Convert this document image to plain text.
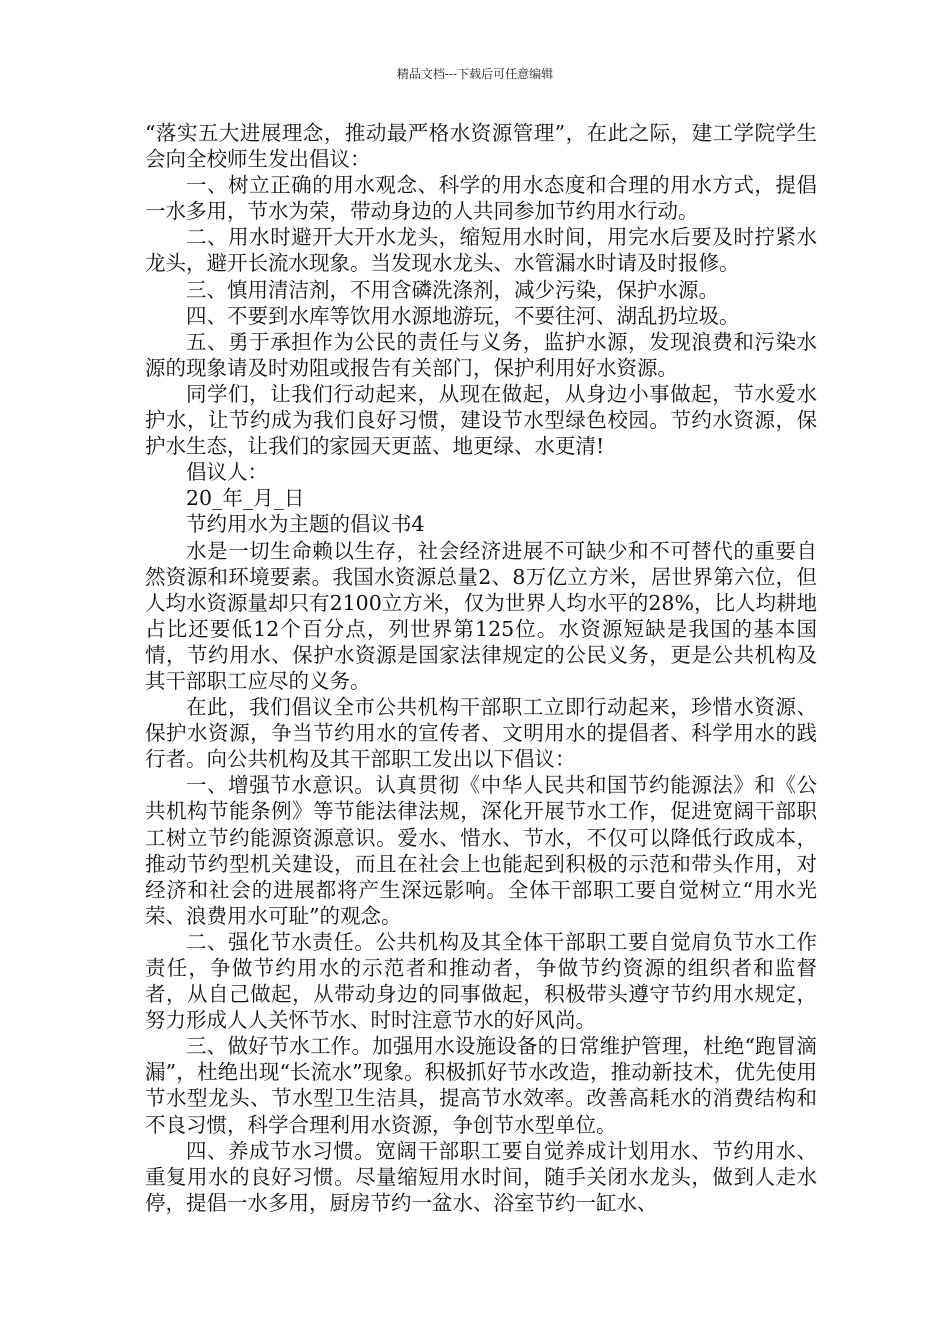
精品文档---下载后可任意编辑

“落实五大进展理念，推动最严格水资源管理”，在此之际，建工学院学生会向全校师生发出倡议：

一、树立正确的用水观念、科学的用水态度和合理的用水方式，提倡一水多用，节水为荣，带动身边的人共同参加节约用水行动。

二、用水时避开大开水龙头，缩短用水时间，用完水后要及时拧紧水龙头，避开长流水现象。当发现水龙头、水管漏水时请及时报修。

三、慎用清洁剂，不用含磷洗涤剂，减少污染，保护水源。

四、不要到水库等饮用水源地游玩，不要往河、湖乱扔垃圾。

五、勇于承担作为公民的责任与义务，监护水源，发现浪费和污染水源的现象请及时劝阻或报告有关部门，保护利用好水资源。

同学们，让我们行动起来，从现在做起，从身边小事做起，节水爱水护水，让节约成为我们良好习惯，建设节水型绿色校园。节约水资源，保护水生态，让我们的家园天更蓝、地更绿、水更清!

倡议人：

20_年_月_日

节约用水为主题的倡议书4

水是一切生命赖以生存，社会经济进展不可缺少和不可替代的重要自然资源和环境要素。我国水资源总量2、8万亿立方米，居世界第六位，但人均水资源量却只有2100立方米，仅为世界人均水平的28%，比人均耕地占比还要低12个百分点，列世界第125位。水资源短缺是我国的基本国情，节约用水、保护水资源是国家法律规定的公民义务，更是公共机构及其干部职工应尽的义务。

在此，我们倡议全市公共机构干部职工立即行动起来，珍惜水资源、保护水资源，争当节约用水的宣传者、文明用水的提倡者、科学用水的践行者。向公共机构及其干部职工发出以下倡议：

一、增强节水意识。认真贯彻《中华人民共和国节约能源法》和《公共机构节能条例》等节能法律法规，深化开展节水工作，促进宽阔干部职工树立节约能源资源意识。爱水、惜水、节水，不仅可以降低行政成本，推动节约型机关建设，而且在社会上也能起到积极的示范和带头作用，对经济和社会的进展都将产生深远影响。全体干部职工要自觉树立“用水光荣、浪费用水可耻”的观念。

二、强化节水责任。公共机构及其全体干部职工要自觉肩负节水工作责任，争做节约用水的示范者和推动者，争做节约资源的组织者和监督者，从自己做起，从带动身边的同事做起，积极带头遵守节约用水规定，努力形成人人关怀节水、时时注意节水的好风尚。

三、做好节水工作。加强用水设施设备的日常维护管理，杜绝“跑冒滴漏”，杜绝出现“长流水”现象。积极抓好节水改造，推动新技术，优先使用节水型龙头、节水型卫生洁具，提高节水效率。改善高耗水的消费结构和不良习惯，科学合理利用水资源，争创节水型单位。

四、养成节水习惯。宽阔干部职工要自觉养成计划用水、节约用水、重复用水的良好习惯。尽量缩短用水时间，随手关闭水龙头，做到人走水停，提倡一水多用，厨房节约一盆水、浴室节约一缸水、
